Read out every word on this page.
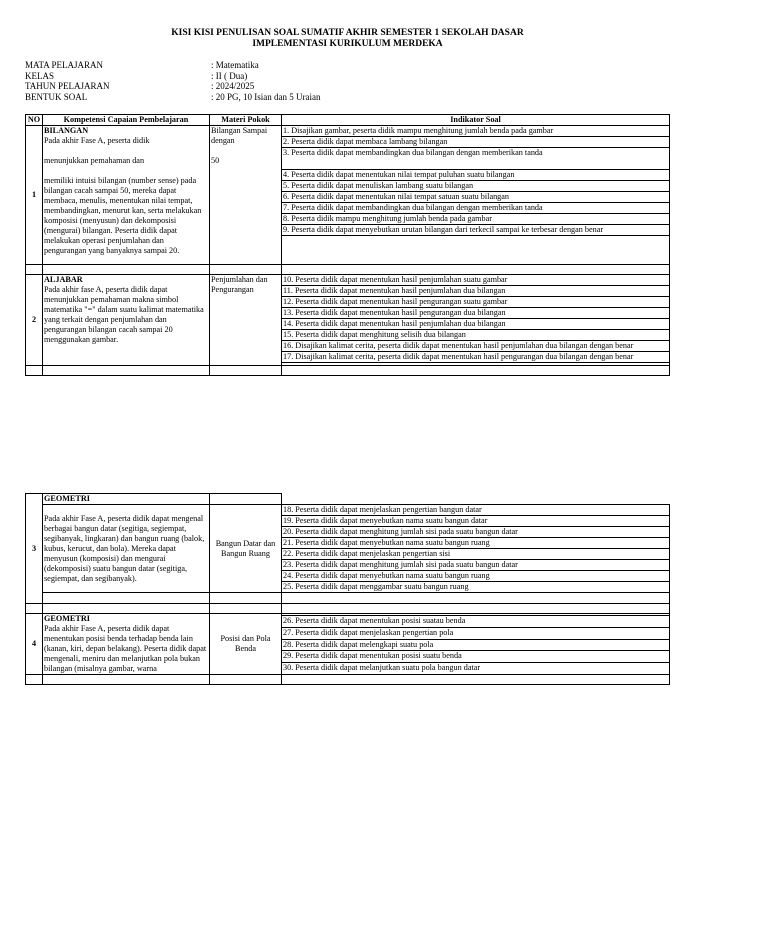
KISI KISI PENULISAN SOAL SUMATIF AKHIR SEMESTER 1 SEKOLAH DASAR
IMPLEMENTASI KURIKULUM MERDEKA
MATA PELAJARAN	: Matematika
KELAS	: II ( Dua)
TAHUN PELAJARAN	: 2024/2025
BENTUK SOAL	: 20 PG, 10 Isian dan 5 Uraian
NO	Kompetensi Capaian Pembelajaran	Materi Pokok	Indikator Soal
1	BILANGAN
Pada akhir Fase A, peserta didik

menunjukkan pemahaman dan

memiliki intuisi bilangan (number sense) pada bilangan cacah sampai 50, mereka dapat membaca, menulis, menentukan nilai tempat, membandingkan, menurut kan, serta melakukan komposisi (menyusun) dan dekomposisi (mengurai) bilangan. Peserta didik dapat melakukan operasi penjumlahan dan pengurangan yang banyaknya sampai 20.	Bilangan Sampai dengan

50	1. Disajikan gambar, peserta didik mampu menghitung jumlah benda pada gambar
			2. Peserta didik dapat membaca lambang bilangan
			3. Peserta didik dapat membandingkan dua bilangan dengan memberikan tanda
			4. Peserta didik dapat menentukan nilai tempat puluhan suatu bilangan
			5. Peserta didik dapat menuliskan lambang suatu bilangan
			6. Peserta didik dapat menentukan nilai tempat satuan suatu bilangan
			7. Peserta didik dapat membandingkan dua bilangan dengan memberikan tanda
			8. Peserta didik mampu menghitung jumlah benda pada gambar
			9. Peserta didik dapat menyebutkan urutan bilangan dari terkecil sampai ke terbesar dengan benar

2	ALJABAR
Pada akhir fase A, peserta didik dapat menunjukkan pemahaman makna simbol matematika "=" dalam suatu kalimat matematika yang terkait dengan penjumlahan dan pengurangan bilangan cacah sampai 20 menggunakan gambar.	Penjumlahan dan Pengurangan	10. Peserta didik dapat menentukan hasil penjumlahan suatu gambar
			11. Peserta didik dapat menentukan hasil penjumlahan dua bilangan
			12. Peserta didik dapat menentukan hasil pengurangan suatu gambar
			13. Peserta didik dapat menentukan hasil pengurangan dua bilangan
			14. Peserta didik dapat menentukan hasil penjumlahan dua bilangan
			15. Peserta didik dapat menghitung selisih dua bilangan
			16. Disajikan kalimat cerita, peserta didik dapat menentukan hasil penjumlahan dua bilangan dengan benar
			17. Disajikan kalimat cerita, peserta didik dapat menentukan hasil pengurangan dua bilangan dengan benar

3	GEOMETRI		

	Pada akhir Fase A, peserta didik dapat mengenal berbagai bangun datar (segitiga, segiempat, segibanyak, lingkaran) dan bangun ruang (balok, kubus, kerucut, dan bola). Mereka dapat menyusun (komposisi) dan mengurai (dekomposisi) suatu bangun datar (segitiga, segiempat, dan segibanyak).	Bangun Datar dan Bangun Ruang	18. Peserta didik dapat menjelaskan pengertian bangun datar
			19. Peserta didik dapat menyebutkan nama suatu bangun datar
			20. Peserta didik dapat menghitung jumlah sisi pada suatu bangun datar
			21. Peserta didik dapat menyebutkan nama suatu bangun ruang
			22. Peserta didik dapat menjelaskan pengertian sisi
			23. Peserta didik dapat menghitung jumlah sisi pada suatu bangun datar
			24. Peserta didik dapat menyebutkan nama suatu bangun ruang
			25. Peserta didik dapat menggambar suatu bangun ruang

4	GEOMETRI
Pada akhir Fase A, peserta didik dapat menentukan posisi benda terhadap benda lain (kanan, kiri, depan belakang). Peserta didik dapat mengenali, meniru dan melanjutkan pola bukan bilangan (misalnya gambar, warna	Posisi dan Pola Benda	
			26. Peserta didik dapat menentukan posisi suatau benda
			27. Peserta didik dapat menjelaskan pengertian pola
			28. Peserta didik dapat melengkapi suatu pola
			29. Peserta didik dapat menentukan posisi suatu benda
			30. Peserta didik dapat melanjutkan suatu pola bangun datar
